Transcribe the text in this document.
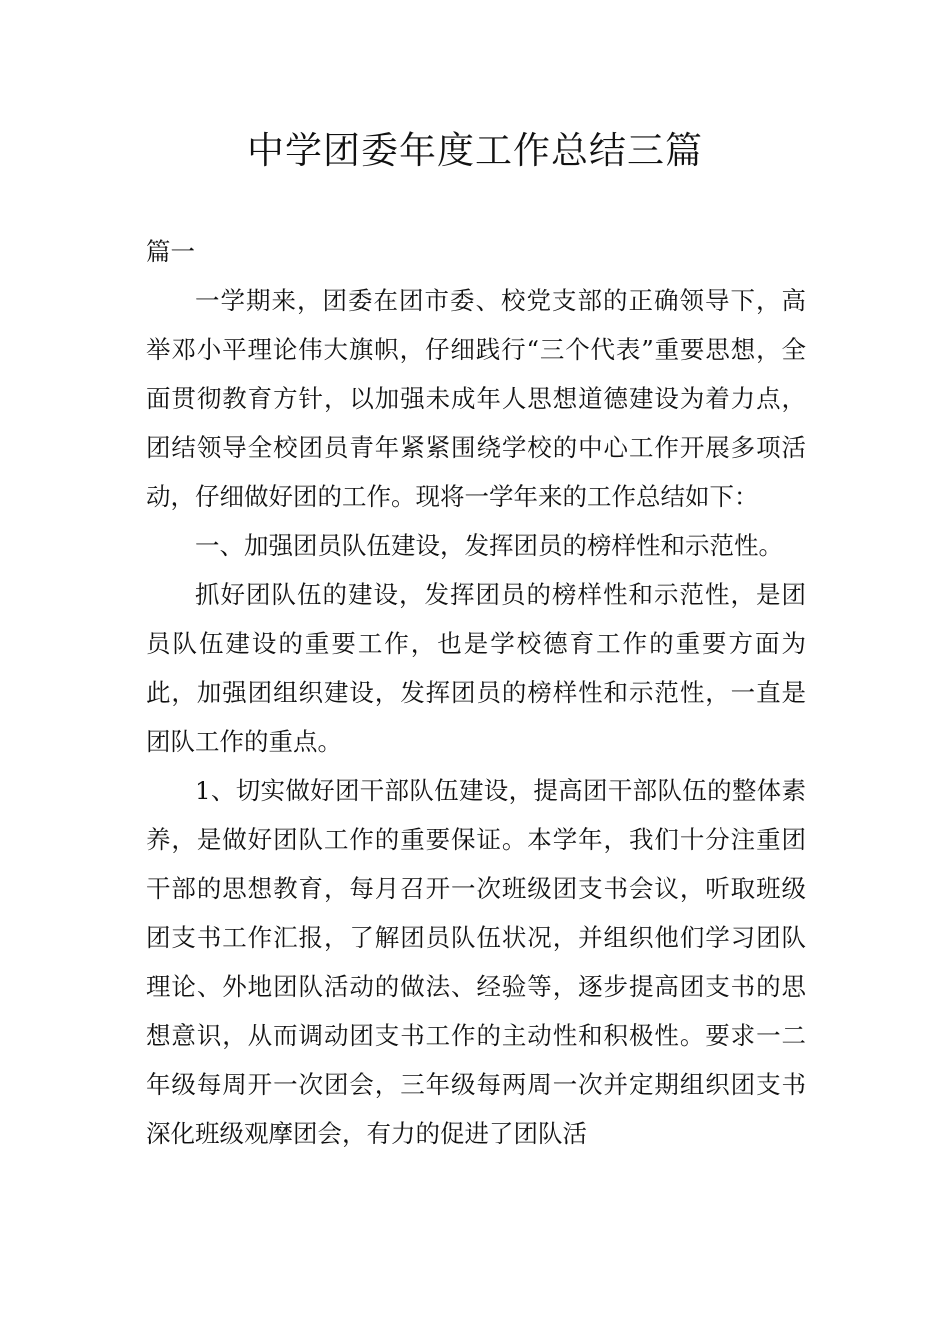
中学团委年度工作总结三篇

篇一

一学期来，团委在团市委、校党支部的正确领导下，高举邓小平理论伟大旗帜，仔细践行“三个代表”重要思想，全面贯彻教育方针，以加强未成年人思想道德建设为着力点，团结领导全校团员青年紧紧围绕学校的中心工作开展多项活动，仔细做好团的工作。现将一学年来的工作总结如下：

一、加强团员队伍建设，发挥团员的榜样性和示范性。

抓好团队伍的建设，发挥团员的榜样性和示范性，是团员队伍建设的重要工作，也是学校德育工作的重要方面为此，加强团组织建设，发挥团员的榜样性和示范性，一直是团队工作的重点。

1、切实做好团干部队伍建设，提高团干部队伍的整体素养，是做好团队工作的重要保证。本学年，我们十分注重团干部的思想教育，每月召开一次班级团支书会议，听取班级团支书工作汇报，了解团员队伍状况，并组织他们学习团队理论、外地团队活动的做法、经验等，逐步提高团支书的思想意识，从而调动团支书工作的主动性和积极性。要求一二年级每周开一次团会，三年级每两周一次并定期组织团支书深化班级观摩团会，有力的促进了团队活
